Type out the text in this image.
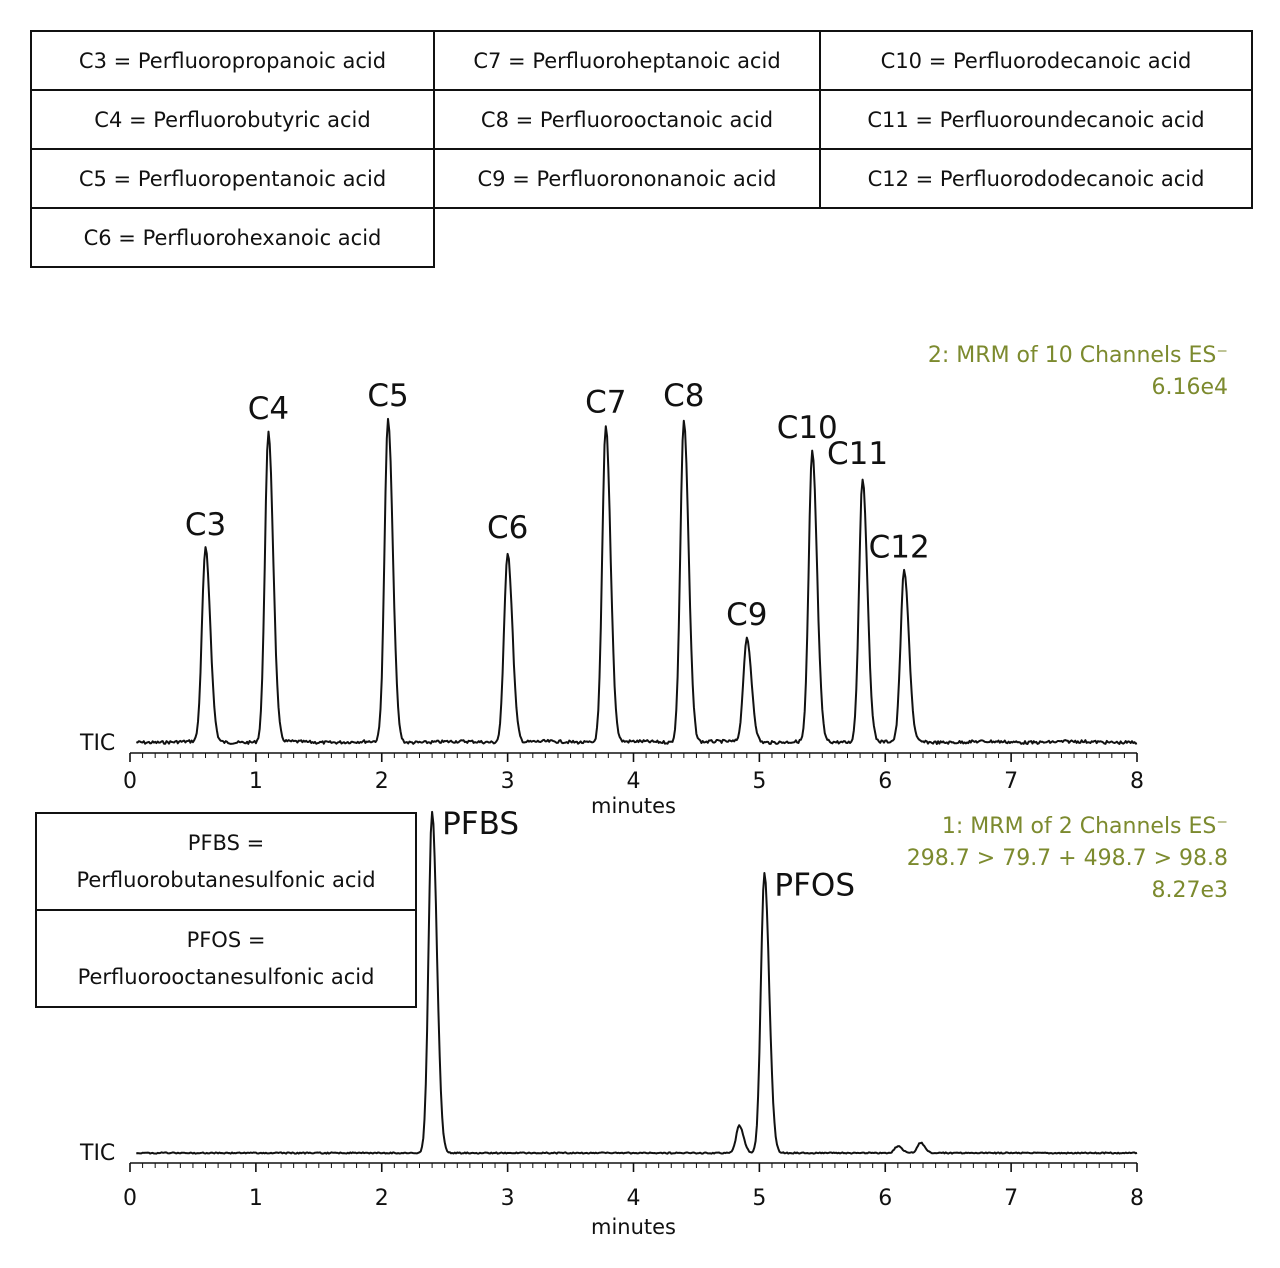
C3 = Perfluoropropanoic acid	C7 = Perfluoroheptanoic acid	C10 = Perfluorodecanoic acid
C4 = Perfluorobutyric acid	C8 = Perfluorooctanoic acid	C11 = Perfluoroundecanoic acid
C5 = Perfluoropentanoic acid	C9 = Perfluorononanoic acid	C12 = Perfluorododecanoic acid
C6 = Perfluorohexanoic acid
0	1	2	3	4	5	6	7	8
minutes
TIC
C3
C4	C5
C6
C7 C8
C9
C10
C11
C12
0	1	2	3	4	5	6	7	8
minutes
TIC
PFBS
PFOS
2: MRM of 10 Channels ES⁻
6.16e4
1: MRM of 2 Channels ES⁻
298.7 > 79.7 + 498.7 > 98.8
8.27e3
PFBS =
Perfluorobutanesulfonic acid
PFOS =
Perfluorooctanesulfonic acid
